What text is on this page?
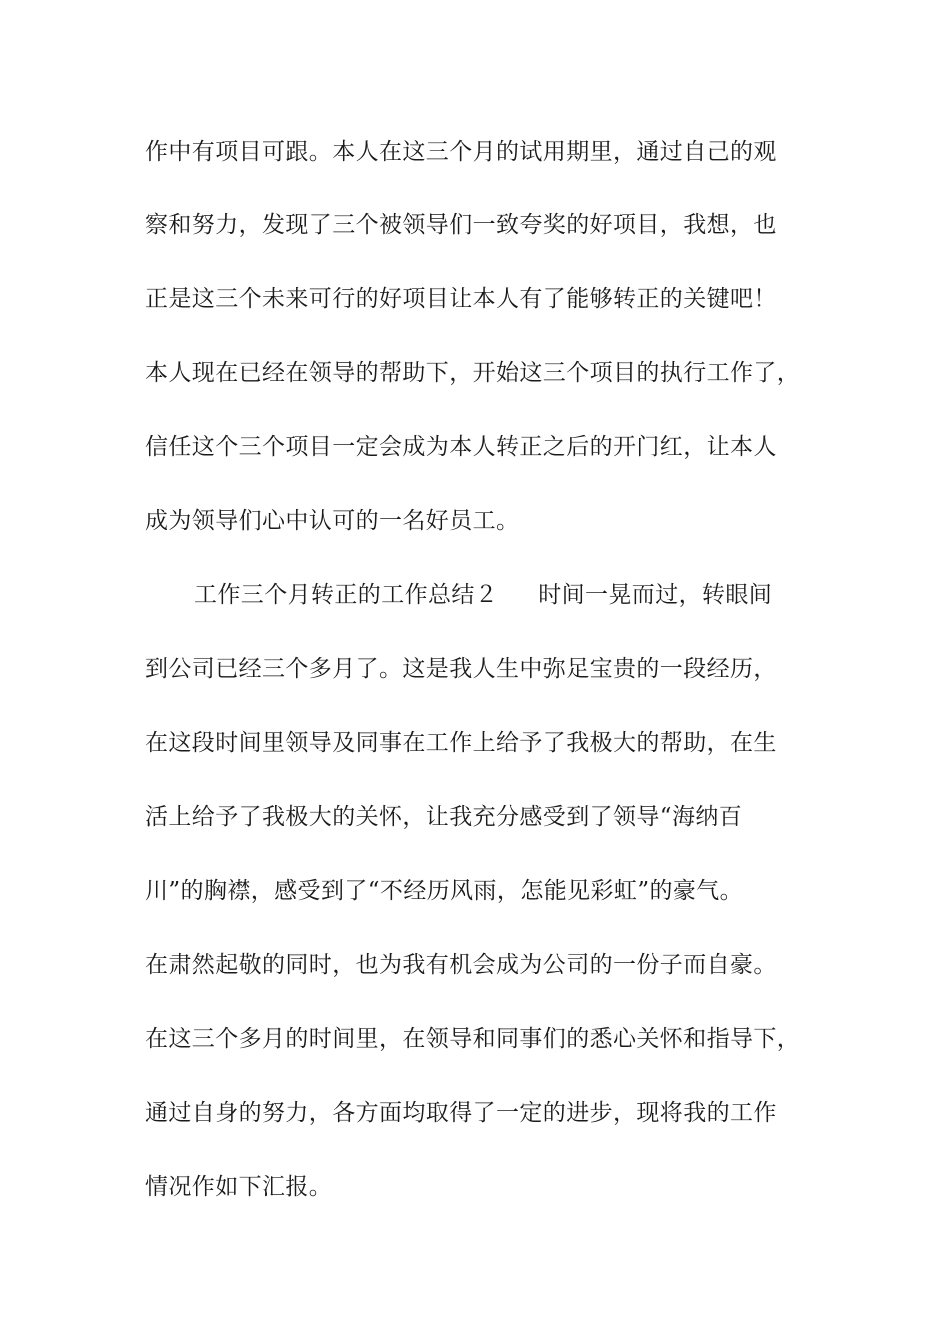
作中有项目可跟。本人在这三个月的试用期里，通过自己的观
察和努力，发现了三个被领导们一致夸奖的好项目，我想，也
正是这三个未来可行的好项目让本人有了能够转正的关键吧！
本人现在已经在领导的帮助下，开始这三个项目的执行工作了，
信任这个三个项目一定会成为本人转正之后的开门红，让本人
成为领导们心中认可的一名好员工。
工作三个月转正的工作总结２ 时间一晃而过，转眼间
到公司已经三个多月了。这是我人生中弥足宝贵的一段经历，
在这段时间里领导及同事在工作上给予了我极大的帮助，在生
活上给予了我极大的关怀，让我充分感受到了领导“海纳百
川”的胸襟，感受到了“不经历风雨，怎能见彩虹”的豪气。
在肃然起敬的同时，也为我有机会成为公司的一份子而自豪。
在这三个多月的时间里，在领导和同事们的悉心关怀和指导下，
通过自身的努力，各方面均取得了一定的进步，现将我的工作
情况作如下汇报。
